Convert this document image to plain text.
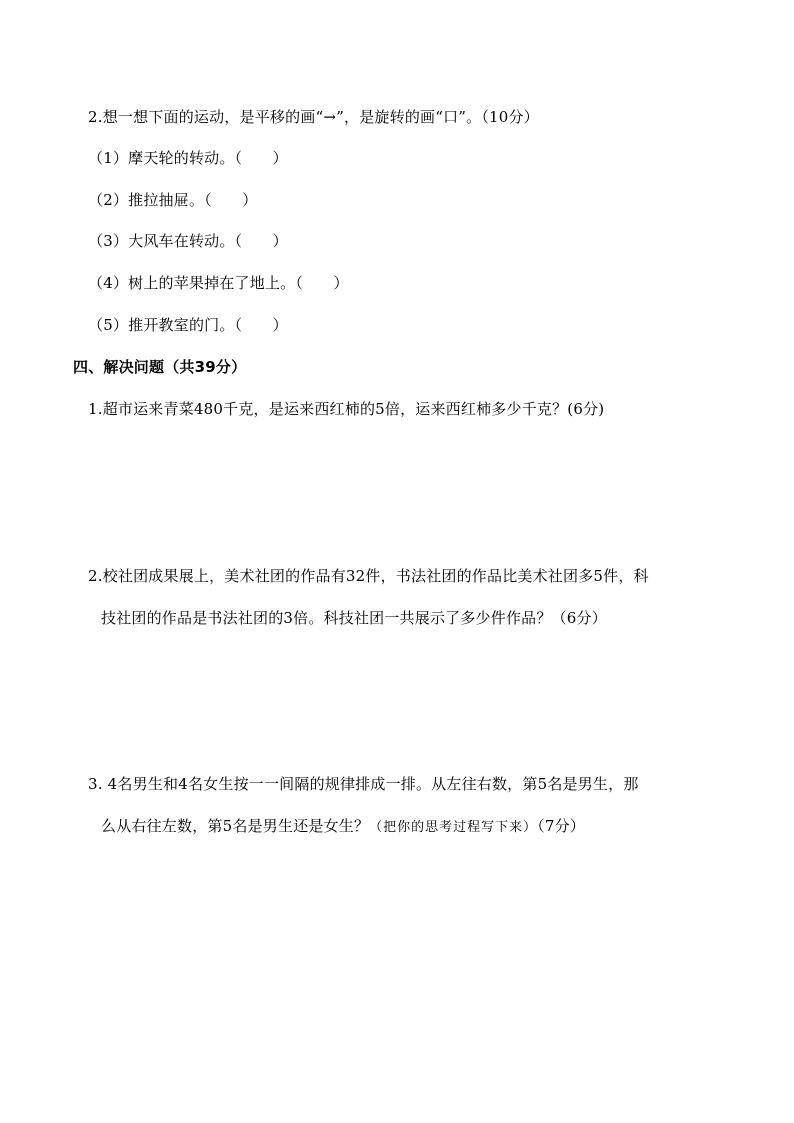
2.想一想下面的运动，是平移的画“→”，是旋转的画“口”。（10分）
（1）摩天轮的转动。（　　）
（2）推拉抽屉。（　　）
（3）大风车在转动。（　　）
（4）树上的苹果掉在了地上。（　　）
（5）推开教室的门。（　　）
四、解决问题（共39分）
1.超市运来青菜480千克，是运来西红柿的5倍，运来西红柿多少千克？(6分)
2.校社团成果展上，美术社团的作品有32件，书法社团的作品比美术社团多5件，科
技社团的作品是书法社团的3倍。科技社团一共展示了多少件作品？（6分）
3. 4名男生和4名女生按一一间隔的规律排成一排。从左往右数，第5名是男生，那
么从右往左数，第5名是男生还是女生？（把你的思考过程写下来）（7分）
